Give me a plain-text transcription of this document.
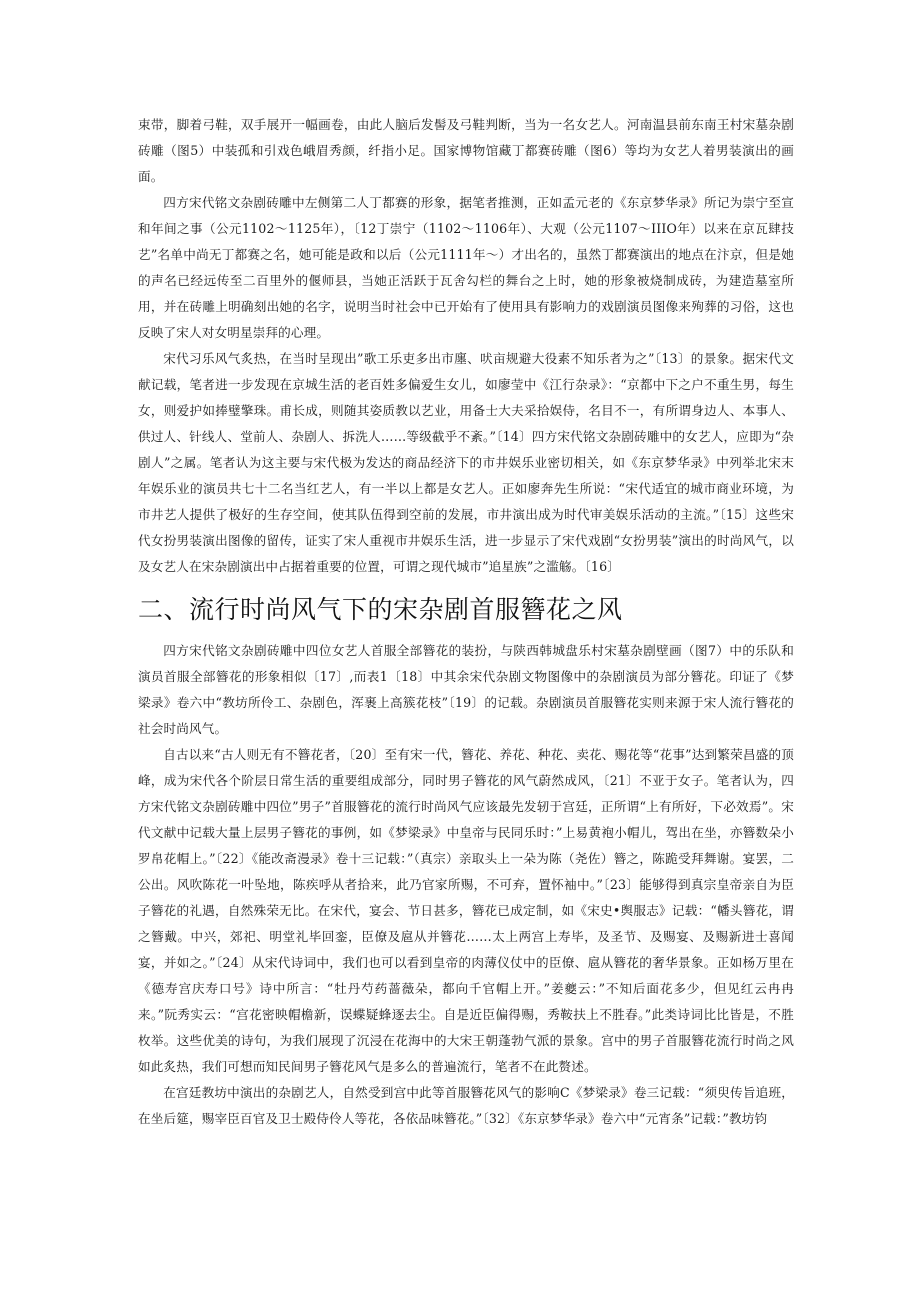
束带，脚着弓鞋，双手展开一幅画卷，由此人脑后发髻及弓鞋判断，当为一名女艺人。河南温县前东南王村宋墓杂剧砖雕（图5）中装孤和引戏色峨眉秀颜，纤指小足。国家博物馆藏丁都赛砖雕（图6）等均为女艺人着男装演出的画面。

四方宋代铭文杂剧砖雕中左侧第二人丁都赛的形象，据笔者推测，正如孟元老的《东京梦华录》所记为崇宁至宣和年间之事（公元1102～1125年），〔12丁崇宁（1102～1106年）、大观（公元1107～IIIO年）以来在京瓦肆技艺”名单中尚无丁都赛之名，她可能是政和以后（公元1111年～）才出名的，虽然丁都赛演出的地点在汴京，但是她的声名已经远传至二百里外的偃师县，当她正活跃于瓦舍勾栏的舞台之上时，她的形象被烧制成砖，为建造墓室所用，并在砖雕上明确刻出她的名字，说明当时社会中已开始有了使用具有影响力的戏剧演员图像来殉葬的习俗，这也反映了宋人对女明星崇拜的心理。

宋代习乐风气炙热，在当时呈现出”歌工乐吏多出市廛、吠亩规避大役素不知乐者为之”〔13〕的景象。据宋代文献记载，笔者进一步发现在京城生活的老百姓多偏爱生女儿，如廖莹中《江行杂录》：“京都中下之户不重生男，每生女，则爱护如捧璧擎珠。甫长成，则随其姿质教以艺业，用备士大夫采拾娱侍，名目不一，有所谓身边人、本事人、供过人、针线人、堂前人、杂剧人、拆洗人……等级截乎不紊。”〔14〕四方宋代铭文杂剧砖雕中的女艺人，应即为“杂剧人”之属。笔者认为这主要与宋代极为发达的商品经济下的市井娱乐业密切相关，如《东京梦华录》中列举北宋末年娱乐业的演员共七十二名当红艺人，有一半以上都是女艺人。正如廖奔先生所说：“宋代适宜的城市商业环境，为市井艺人提供了极好的生存空间，使其队伍得到空前的发展，市井演出成为时代审美娱乐活动的主流。”〔15〕这些宋代女扮男装演出图像的留传，证实了宋人重视市井娱乐生活，进一步显示了宋代戏剧“女扮男装”演出的时尚风气，以及女艺人在宋杂剧演出中占据着重要的位置，可谓之现代城市”追星族”之滥觞。〔16〕

二、流行时尚风气下的宋杂剧首服簪花之风

四方宋代铭文杂剧砖雕中四位女艺人首服全部簪花的装扮，与陕西韩城盘乐村宋墓杂剧壁画（图7）中的乐队和演员首服全部簪花的形象相似〔17〕,而表1〔18〕中其余宋代杂剧文物图像中的杂剧演员为部分簪花。印证了《梦梁录》卷六中“教坊所伶工、杂剧色，浑裹上高簇花枝”〔19〕的记载。杂剧演员首服簪花实则来源于宋人流行簪花的社会时尚风气。

自古以来“古人则无有不簪花者，〔20〕至有宋一代，簪花、养花、种花、卖花、赐花等“花事”达到繁荣昌盛的顶峰，成为宋代各个阶层日常生活的重要组成部分，同时男子簪花的风气蔚然成风，〔21〕不亚于女子。笔者认为，四方宋代铭文杂剧砖雕中四位”男子”首服簪花的流行时尚风气应该最先发轫于宫廷，正所谓“上有所好，下必效焉”。宋代文献中记载大量上层男子簪花的事例，如《梦梁录》中皇帝与民同乐时：”上易黄袍小帽儿，驾出在坐，亦簪数朵小罗帛花帽上。”〔22〕《能改斋漫录》卷十三记载：”（真宗）亲取头上一朵为陈（尧佐）簪之，陈跪受拜舞谢。宴罢，二公出。风吹陈花一叶坠地，陈疾呼从者拾来，此乃官家所赐，不可弃，置怀袖中。”〔23〕能够得到真宗皇帝亲自为臣子簪花的礼遇，自然殊荣无比。在宋代，宴会、节日甚多，簪花已成定制，如《宋史•舆服志》记载：“幡头簪花，谓之簪戴。中兴，郊祀、明堂礼毕回銮，臣僚及扈从并簪花……太上两宫上寿毕，及圣节、及赐宴、及赐新进士喜闻宴，并如之。”〔24〕从宋代诗词中，我们也可以看到皇帝的肉薄仪仗中的臣僚、扈从簪花的奢华景象。正如杨万里在《德寿宫庆寿口号》诗中所言：“牡丹芍药蔷薇朵，都向千官帽上开。”姜夔云：”不知后面花多少，但见红云冉冉来。”阮秀实云：“宫花密映帽檐新，误蝶疑蜂逐去尘。自是近臣偏得赐，秀鞍扶上不胜春。”此类诗词比比皆是，不胜枚举。这些优美的诗句，为我们展现了沉浸在花海中的大宋王朝蓬勃气派的景象。宫中的男子首服簪花流行时尚之风如此炙热，我们可想而知民间男子簪花风气是多么的普遍流行，笔者不在此赘述。

在宫廷教坊中演出的杂剧艺人，自然受到宫中此等首服簪花风气的影响C《梦梁录》卷三记载：“须臾传旨追班，在坐后筵，赐宰臣百官及卫士殿侍伶人等花，各依品味簪花。”〔32〕《东京梦华录》卷六中“元宵条”记载：”教坊钧
